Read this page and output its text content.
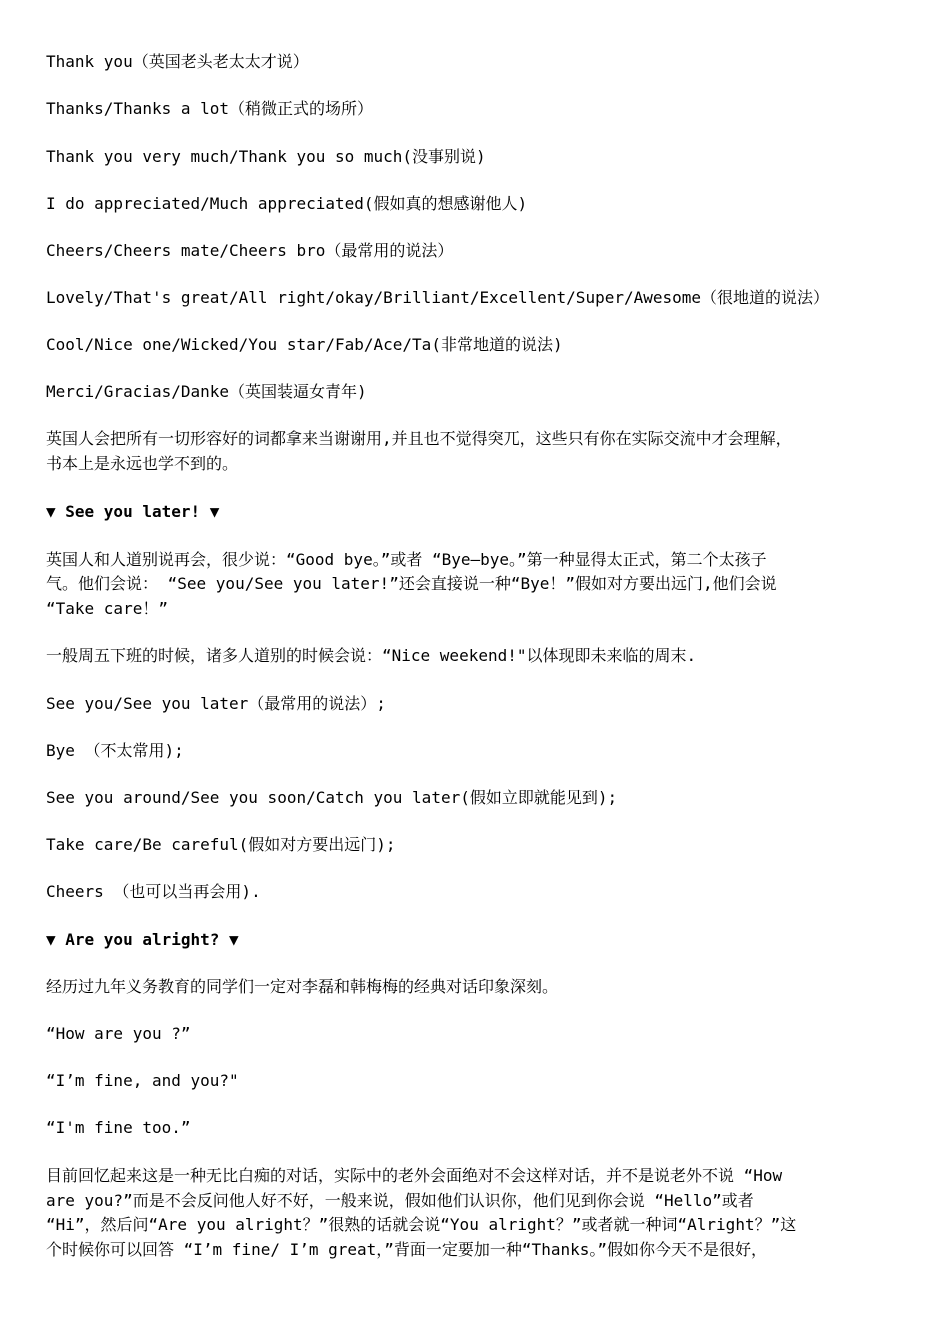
Thank you（英国老头老太太才说）
Thanks/Thanks a lot（稍微正式的场所）
Thank you very much/Thank you so much(没事别说)
I do appreciated/Much appreciated(假如真的想感谢他人)
Cheers/Cheers mate/Cheers bro（最常用的说法）
Lovely/That's great/All right/okay/Brilliant/Excellent/Super/Awesome（很地道的说法）
Cool/Nice one/Wicked/You star/Fab/Ace/Ta(非常地道的说法)
Merci/Gracias/Danke（英国装逼女青年)
英国人会把所有一切形容好的词都拿来当谢谢用,并且也不觉得突兀，这些只有你在实际交流中才会理解，
书本上是永远也学不到的。
▼ See you later! ▼
英国人和人道别说再会，很少说：“Good bye。”或者 “Bye—bye。”第一种显得太正式，第二个太孩子
气。他们会说： “See you/See you later!”还会直接说一种“Bye！”假如对方要出远门,他们会说
“Take care！”
一般周五下班的时候，诸多人道别的时候会说：“Nice weekend!"以体现即未来临的周末.
See you/See you later（最常用的说法）;
Bye （不太常用);
See you around/See you soon/Catch you later(假如立即就能见到);
Take care/Be careful(假如对方要出远门);
Cheers （也可以当再会用).
▼ Are you alright? ▼
经历过九年义务教育的同学们一定对李磊和韩梅梅的经典对话印象深刻。
“How are you ?”
“I’m fine, and you?"
“I'm fine too.”
目前回忆起来这是一种无比白痴的对话，实际中的老外会面绝对不会这样对话，并不是说老外不说 “How
are you?”而是不会反问他人好不好，一般来说，假如他们认识你，他们见到你会说 “Hello”或者
“Hi”，然后问“Are you alright？”很熟的话就会说“You alright？”或者就一种词“Alright？”这
个时候你可以回答 “I’m fine/ I’m great，”背面一定要加一种“Thanks。”假如你今天不是很好，
